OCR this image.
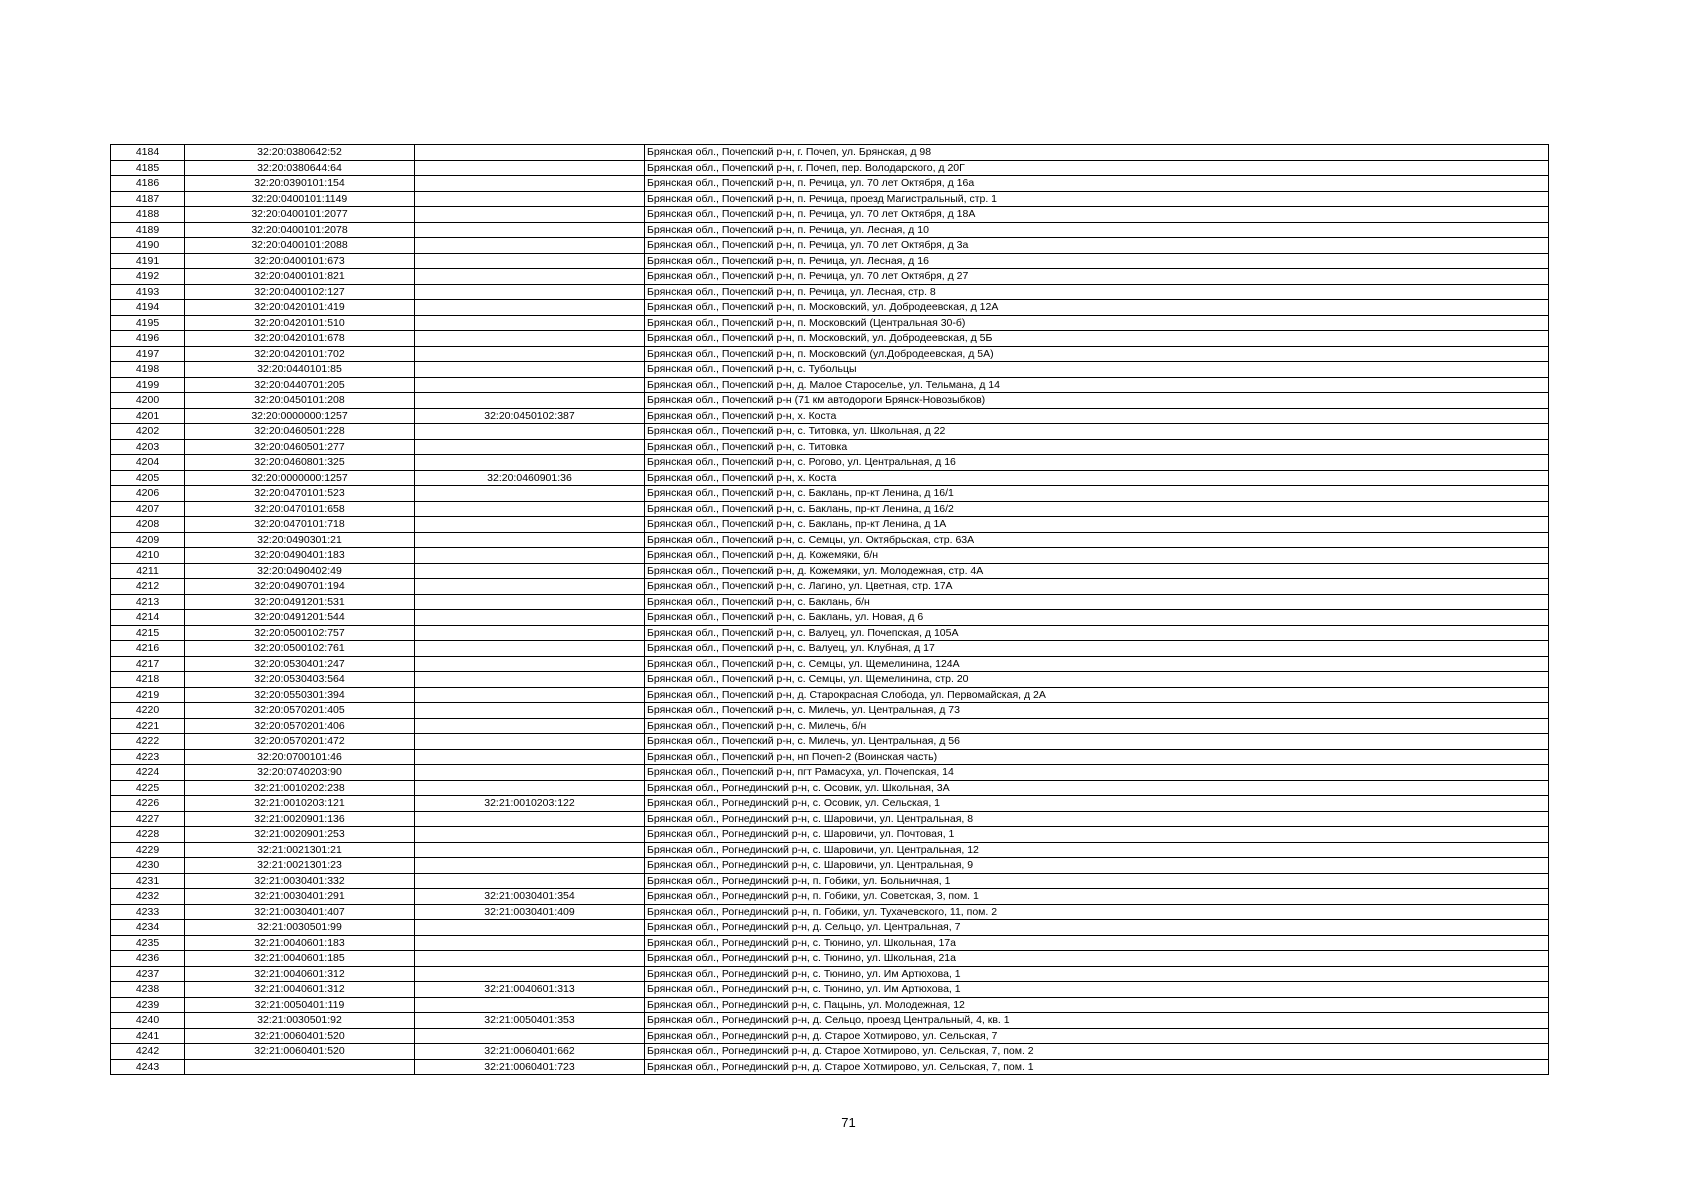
4184	32:20:0380642:52		Брянская обл., Почепский р-н, г. Почеп, ул. Брянская, д 98
4185	32:20:0380644:64		Брянская обл., Почепский р-н, г. Почеп, пер. Володарского, д 20Г
4186	32:20:0390101:154		Брянская обл., Почепский р-н, п. Речица, ул. 70 лет Октября, д 16а
4187	32:20:0400101:1149		Брянская обл., Почепский р-н, п. Речица, проезд Магистральный, стр. 1
4188	32:20:0400101:2077		Брянская обл., Почепский р-н, п. Речица, ул. 70 лет Октября, д 18А
4189	32:20:0400101:2078		Брянская обл., Почепский р-н, п. Речица, ул. Лесная, д 10
4190	32:20:0400101:2088		Брянская обл., Почепский р-н, п. Речица, ул. 70 лет Октября, д 3а
4191	32:20:0400101:673		Брянская обл., Почепский р-н, п. Речица, ул. Лесная, д 16
4192	32:20:0400101:821		Брянская обл., Почепский р-н, п. Речица, ул. 70 лет Октября, д 27
4193	32:20:0400102:127		Брянская обл., Почепский р-н, п. Речица, ул. Лесная, стр. 8
4194	32:20:0420101:419		Брянская обл., Почепский р-н, п. Московский, ул. Добродеевская, д 12А
4195	32:20:0420101:510		Брянская обл., Почепский р-н, п. Московский (Центральная 30-б)
4196	32:20:0420101:678		Брянская обл., Почепский р-н, п. Московский, ул. Добродеевская, д 5Б
4197	32:20:0420101:702		Брянская обл., Почепский р-н, п. Московский (ул.Добродеевская, д 5А)
4198	32:20:0440101:85		Брянская обл., Почепский р-н, с. Тубольцы
4199	32:20:0440701:205		Брянская обл., Почепский р-н, д. Малое Староселье, ул. Тельмана, д 14
4200	32:20:0450101:208		Брянская обл., Почепский р-н (71 км автодороги Брянск-Новозыбков)
4201	32:20:0000000:1257	32:20:0450102:387	Брянская обл., Почепский р-н, х. Коста
4202	32:20:0460501:228		Брянская обл., Почепский р-н, с. Титовка, ул. Школьная, д 22
4203	32:20:0460501:277		Брянская обл., Почепский р-н, с. Титовка
4204	32:20:0460801:325		Брянская обл., Почепский р-н, с. Рогово, ул. Центральная, д 16
4205	32:20:0000000:1257	32:20:0460901:36	Брянская обл., Почепский р-н, х. Коста
4206	32:20:0470101:523		Брянская обл., Почепский р-н, с. Баклань, пр-кт Ленина, д 16/1
4207	32:20:0470101:658		Брянская обл., Почепский р-н, с. Баклань, пр-кт Ленина, д 16/2
4208	32:20:0470101:718		Брянская обл., Почепский р-н, с. Баклань, пр-кт Ленина, д 1А
4209	32:20:0490301:21		Брянская обл., Почепский р-н, с. Семцы, ул. Октябрьская, стр. 63А
4210	32:20:0490401:183		Брянская обл., Почепский р-н, д. Кожемяки, б/н
4211	32:20:0490402:49		Брянская обл., Почепский р-н, д. Кожемяки, ул. Молодежная, стр. 4А
4212	32:20:0490701:194		Брянская обл., Почепский р-н, с. Лагино, ул. Цветная, стр. 17А
4213	32:20:0491201:531		Брянская обл., Почепский р-н, с. Баклань, б/н
4214	32:20:0491201:544		Брянская обл., Почепский р-н, с. Баклань, ул. Новая, д 6
4215	32:20:0500102:757		Брянская обл., Почепский р-н, с. Валуец, ул. Почепская, д 105А
4216	32:20:0500102:761		Брянская обл., Почепский р-н, с. Валуец, ул. Клубная, д 17
4217	32:20:0530401:247		Брянская обл., Почепский р-н, с. Семцы, ул. Щемелинина, 124А
4218	32:20:0530403:564		Брянская обл., Почепский р-н, с. Семцы, ул. Щемелинина, стр. 20
4219	32:20:0550301:394		Брянская обл., Почепский р-н, д. Старокрасная Слобода, ул. Первомайская, д 2А
4220	32:20:0570201:405		Брянская обл., Почепский р-н, с. Милечь, ул. Центральная, д 73
4221	32:20:0570201:406		Брянская обл., Почепский р-н, с. Милечь, б/н
4222	32:20:0570201:472		Брянская обл., Почепский р-н, с. Милечь, ул. Центральная, д 56
4223	32:20:0700101:46		Брянская обл., Почепский р-н, нп Почеп-2 (Воинская часть)
4224	32:20:0740203:90		Брянская обл., Почепский р-н, пгт Рамасуха, ул. Почепская, 14
4225	32:21:0010202:238		Брянская обл., Рогнединский р-н, с. Осовик, ул. Школьная, 3А
4226	32:21:0010203:121	32:21:0010203:122	Брянская обл., Рогнединский р-н, с. Осовик, ул. Сельская, 1
4227	32:21:0020901:136		Брянская обл., Рогнединский р-н, с. Шаровичи, ул. Центральная, 8
4228	32:21:0020901:253		Брянская обл., Рогнединский р-н, с. Шаровичи, ул. Почтовая, 1
4229	32:21:0021301:21		Брянская обл., Рогнединский р-н, с. Шаровичи, ул. Центральная, 12
4230	32:21:0021301:23		Брянская обл., Рогнединский р-н, с. Шаровичи, ул. Центральная, 9
4231	32:21:0030401:332		Брянская обл., Рогнединский р-н, п. Гобики, ул. Больничная, 1
4232	32:21:0030401:291	32:21:0030401:354	Брянская обл., Рогнединский р-н, п. Гобики, ул. Советская, 3, пом. 1
4233	32:21:0030401:407	32:21:0030401:409	Брянская обл., Рогнединский р-н, п. Гобики, ул. Тухачевского, 11, пом. 2
4234	32:21:0030501:99		Брянская обл., Рогнединский р-н, д. Сельцо, ул. Центральная, 7
4235	32:21:0040601:183		Брянская обл., Рогнединский р-н, с. Тюнино, ул. Школьная, 17а
4236	32:21:0040601:185		Брянская обл., Рогнединский р-н, с. Тюнино, ул. Школьная, 21а
4237	32:21:0040601:312		Брянская обл., Рогнединский р-н, с. Тюнино, ул. Им Артюхова, 1
4238	32:21:0040601:312	32:21:0040601:313	Брянская обл., Рогнединский р-н, с. Тюнино, ул. Им Артюхова, 1
4239	32:21:0050401:119		Брянская обл., Рогнединский р-н, с. Пацынь, ул. Молодежная, 12
4240	32:21:0030501:92	32:21:0050401:353	Брянская обл., Рогнединский р-н, д. Сельцо, проезд Центральный, 4, кв. 1
4241	32:21:0060401:520		Брянская обл., Рогнединский р-н, д. Старое Хотмирово, ул. Сельская, 7
4242	32:21:0060401:520	32:21:0060401:662	Брянская обл., Рогнединский р-н, д. Старое Хотмирово, ул. Сельская, 7, пом. 2
4243		32:21:0060401:723	Брянская обл., Рогнединский р-н, д. Старое Хотмирово, ул. Сельская, 7, пом. 1
71
